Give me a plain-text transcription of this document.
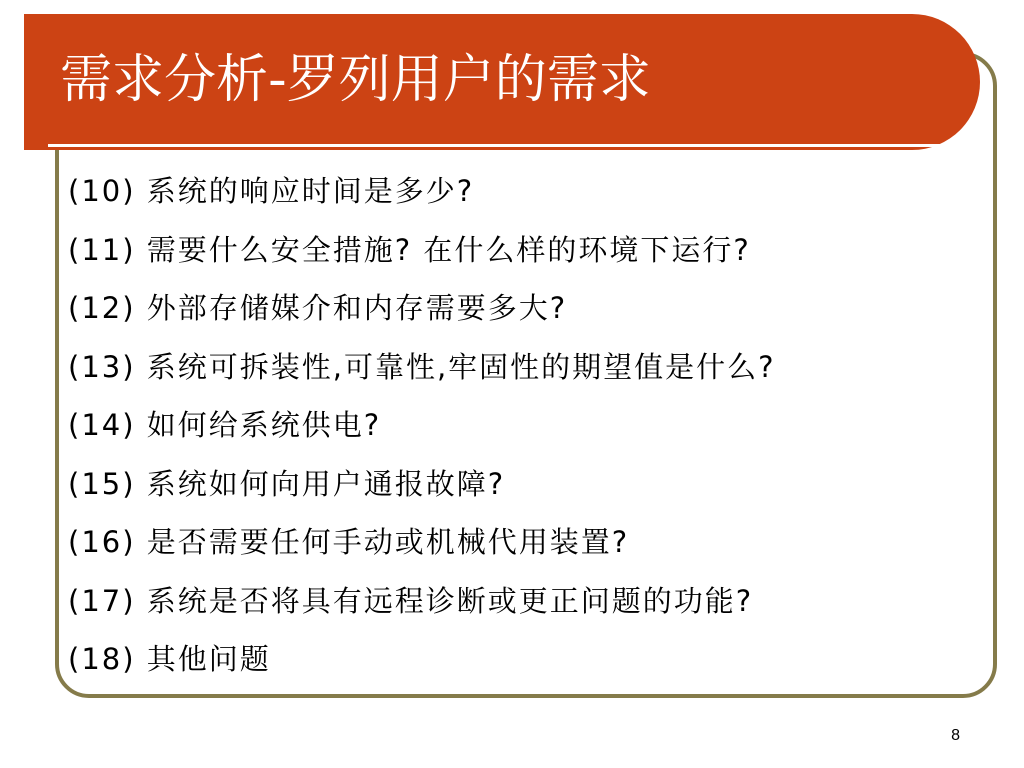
需求分析-罗列用户的需求
(10) 系统的响应时间是多少?
(11) 需要什么安全措施? 在什么样的环境下运行?
(12) 外部存储媒介和内存需要多大?
(13) 系统可拆装性,可靠性,牢固性的期望值是什么?
(14) 如何给系统供电?
(15) 系统如何向用户通报故障?
(16) 是否需要任何手动或机械代用装置?
(17) 系统是否将具有远程诊断或更正问题的功能?
(18) 其他问题
8
